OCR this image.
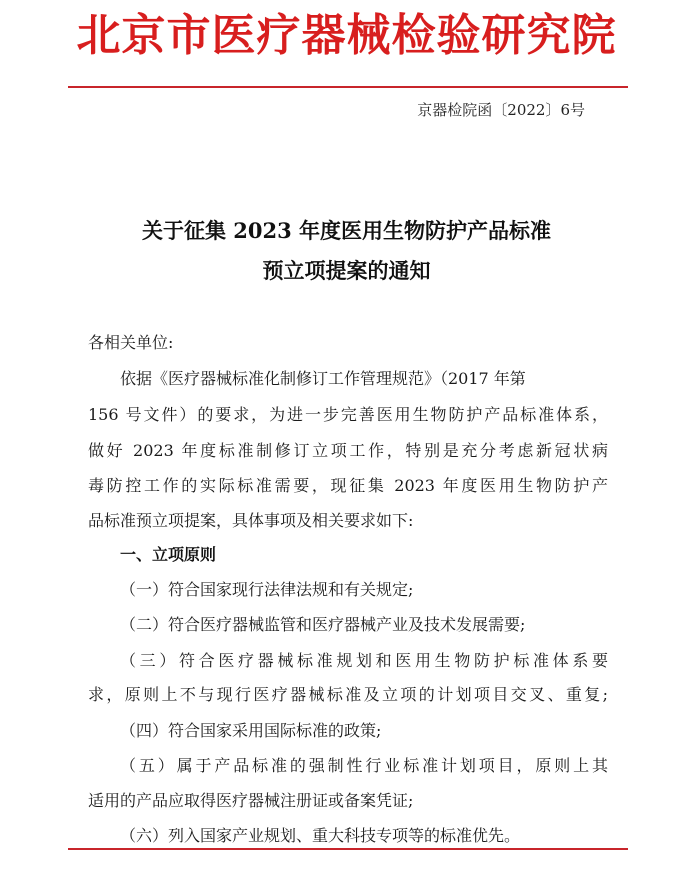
北京市医疗器械检验研究院
京器检院函〔2022〕6号
关于征集 2023 年度医用生物防护产品标准
预立项提案的通知
各相关单位:
依据《医疗器械标准化制修订工作管理规范》（2017 年第
156 号文件）的要求，为进一步完善医用生物防护产品标准体系，
做好 2023 年度标准制修订立项工作，特别是充分考虑新冠状病
毒防控工作的实际标准需要，现征集 2023 年度医用生物防护产
品标准预立项提案，具体事项及相关要求如下:
一、立项原则
（一）符合国家现行法律法规和有关规定;
（二）符合医疗器械监管和医疗器械产业及技术发展需要;
（三）符合医疗器械标准规划和医用生物防护标准体系要
求，原则上不与现行医疗器械标准及立项的计划项目交叉、重复;
（四）符合国家采用国际标准的政策;
（五）属于产品标准的强制性行业标准计划项目，原则上其
适用的产品应取得医疗器械注册证或备案凭证;
（六）列入国家产业规划、重大科技专项等的标准优先。
